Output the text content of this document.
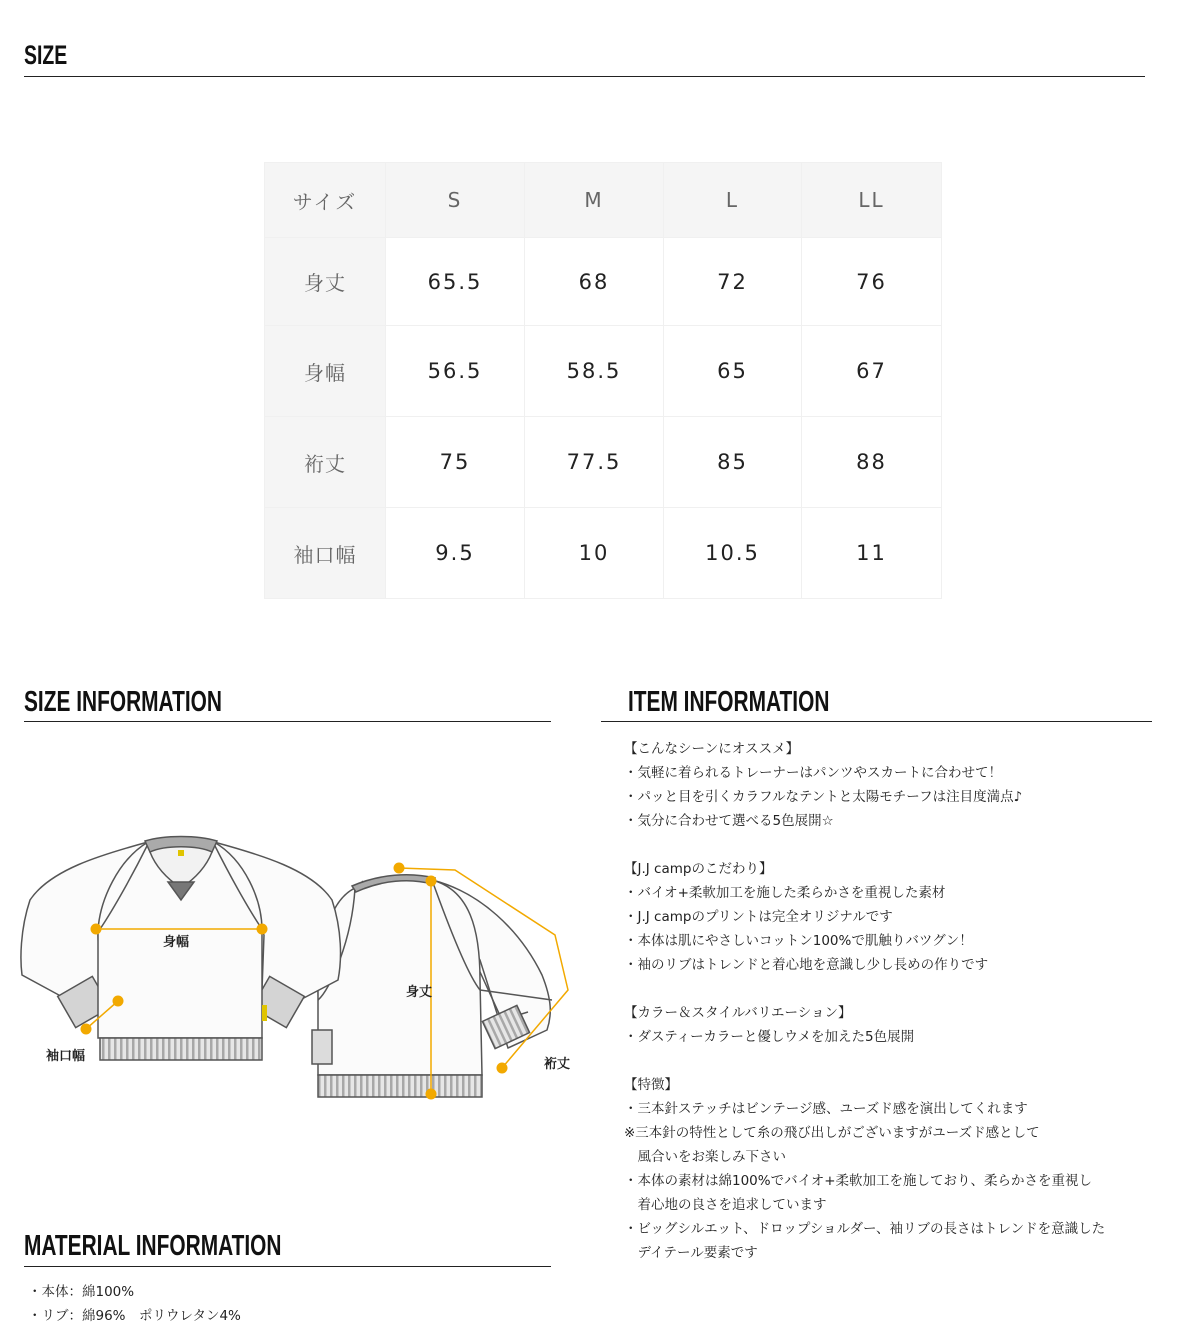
SIZE
サイズ	S	M	L	LL
身丈	65.5	68	72	76
身幅	56.5	58.5	65	67
裄丈	75	77.5	85	88
袖口幅	9.5	10	10.5	11
SIZE INFORMATION
身幅
袖口幅
身丈
裄丈
ITEM INFORMATION
【こんなシーンにオススメ】
・気軽に着られるトレーナーはパンツやスカートに合わせて！
・パッと目を引くカラフルなテントと太陽モチーフは注目度満点♪
・気分に合わせて選べる5色展開☆
【J.J campのこだわり】
・バイオ+柔軟加工を施した柔らかさを重視した素材
・J.J campのプリントは完全オリジナルです
・本体は肌にやさしいコットン100%で肌触りバツグン！
・袖のリブはトレンドと着心地を意識し少し長めの作りです
【カラー＆スタイルバリエーション】
・ダスティーカラーと優しウメを加えた5色展開
【特徴】
・三本針ステッチはビンテージ感、ユーズド感を演出してくれます
※三本針の特性として糸の飛び出しがございますがユーズド感として
　風合いをお楽しみ下さい
・本体の素材は綿100%でバイオ+柔軟加工を施しており、柔らかさを重視し
　着心地の良さを追求しています
・ビッグシルエット、ドロップショルダー、袖リブの長さはトレンドを意識した
　デイテール要素です
MATERIAL INFORMATION
・本体：綿100%
・リブ：綿96%　ポリウレタン4%
